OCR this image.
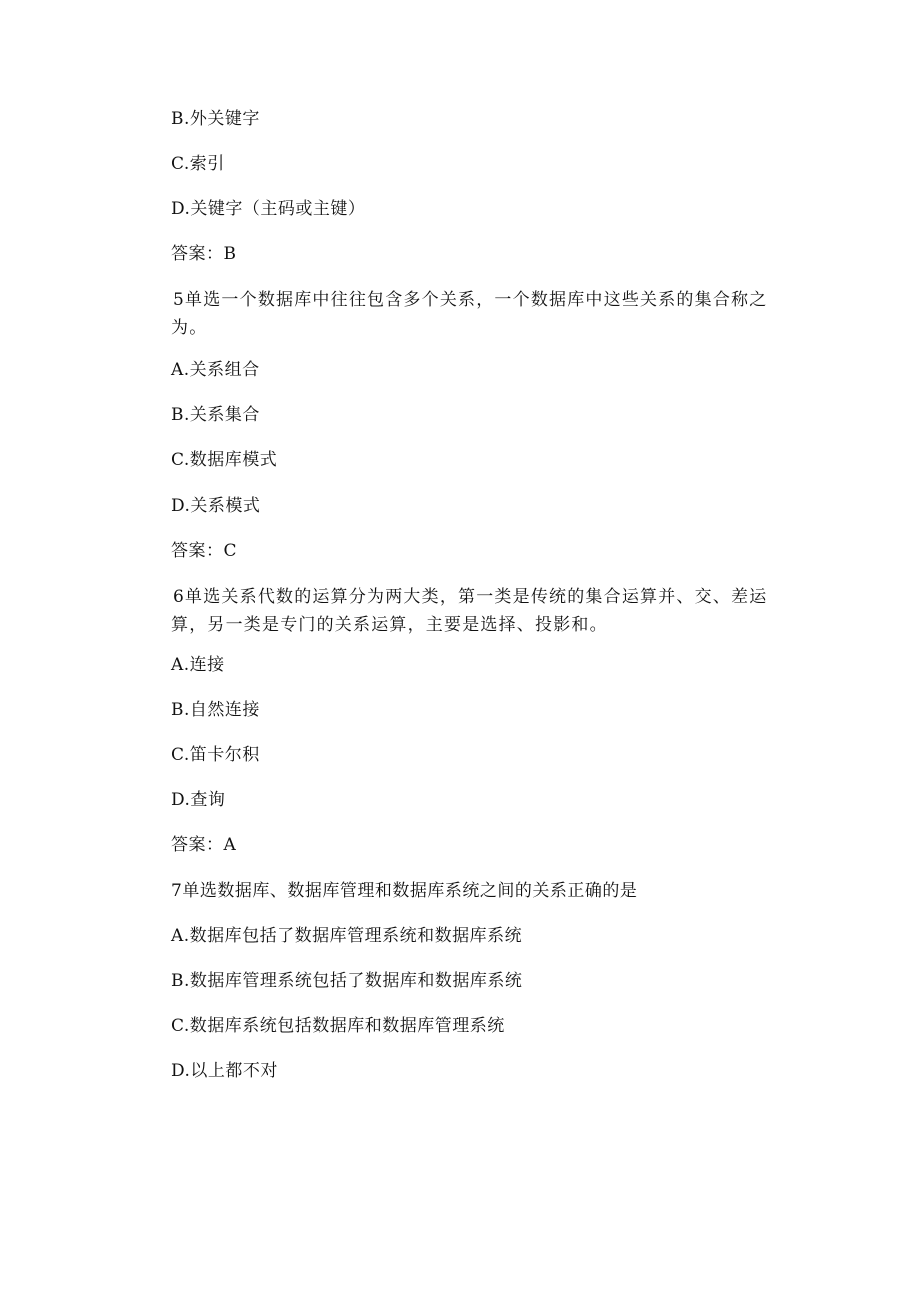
B.外关键字
C.索引
D.关键字（主码或主键）
答案：B
5单选一个数据库中往往包含多个关系，一个数据库中这些关系的集合称之为。
A.关系组合
B.关系集合
C.数据库模式
D.关系模式
答案：C
6单选关系代数的运算分为两大类，第一类是传统的集合运算并、交、差运算，另一类是专门的关系运算，主要是选择、投影和。
A.连接
B.自然连接
C.笛卡尔积
D.查询
答案：A
7单选数据库、数据库管理和数据库系统之间的关系正确的是
A.数据库包括了数据库管理系统和数据库系统
B.数据库管理系统包括了数据库和数据库系统
C.数据库系统包括数据库和数据库管理系统
D.以上都不对
